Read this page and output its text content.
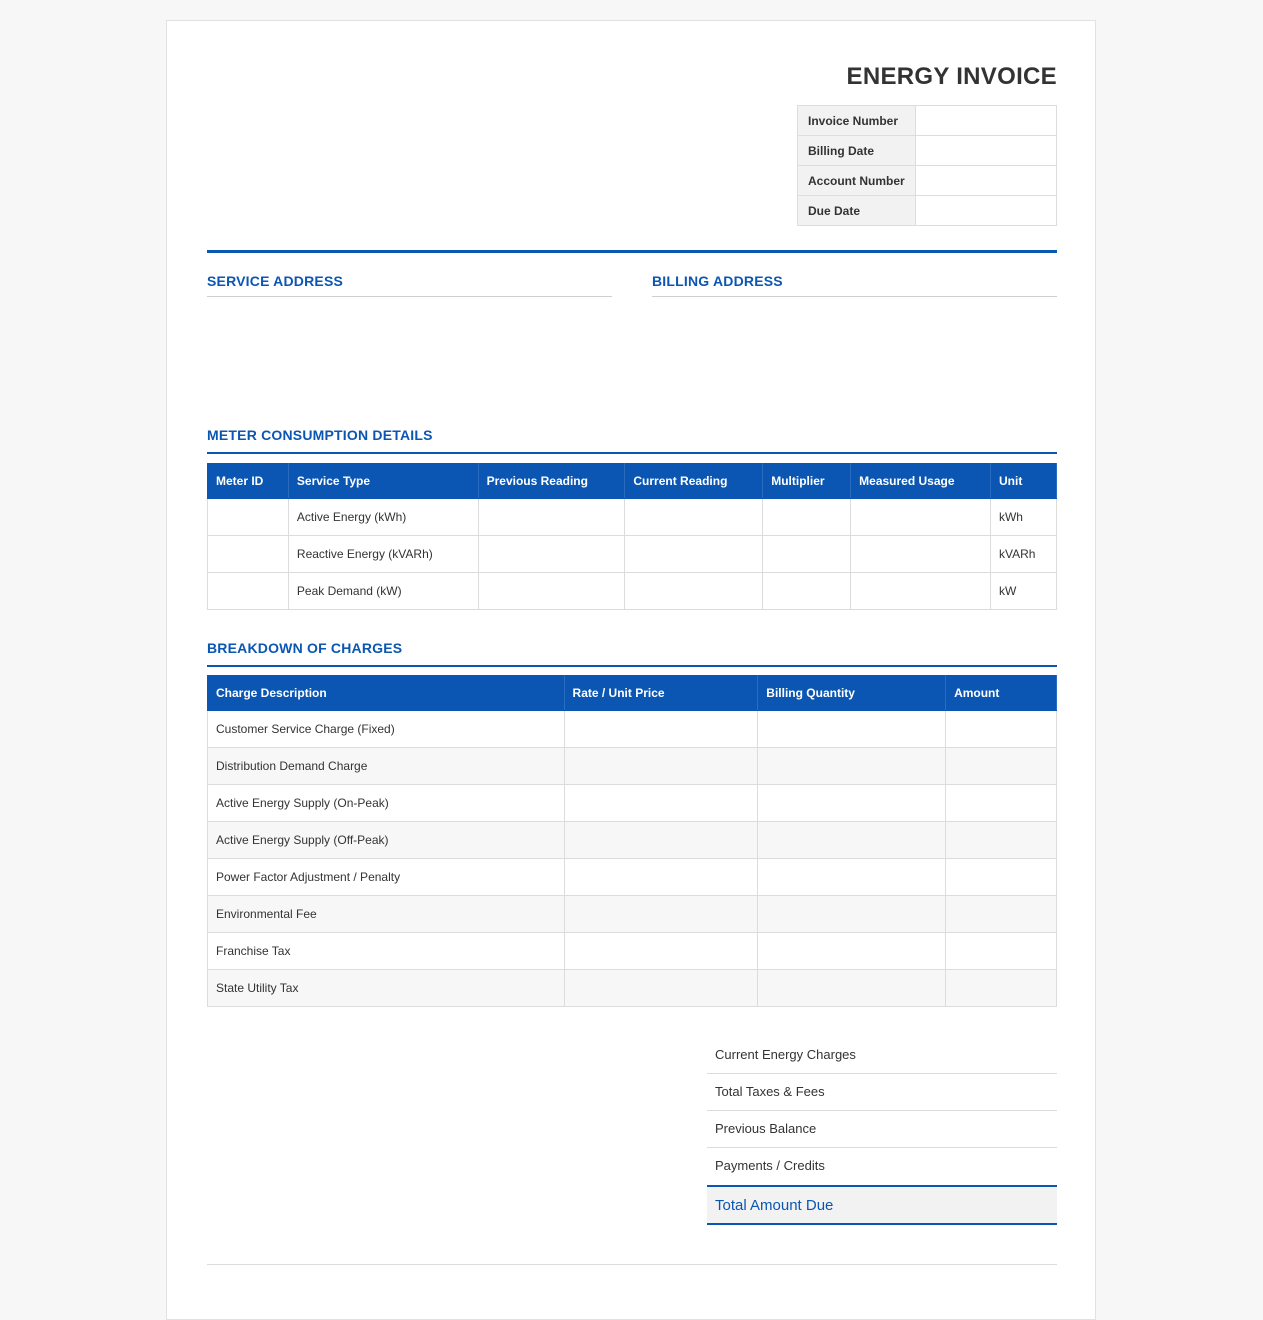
ENERGY INVOICE
Invoice Number	
Billing Date	
Account Number	
Due Date	
SERVICE ADDRESS	BILLING ADDRESS
METER CONSUMPTION DETAILS
Meter ID	Service Type	Previous Reading	Current Reading	Multiplier	Measured Usage	Unit
	Active Energy (kWh)					kWh
	Reactive Energy (kVARh)					kVARh
	Peak Demand (kW)					kW
BREAKDOWN OF CHARGES
Charge Description	Rate / Unit Price	Billing Quantity	Amount
Customer Service Charge (Fixed)			
Distribution Demand Charge			
Active Energy Supply (On-Peak)			
Active Energy Supply (Off-Peak)			
Power Factor Adjustment / Penalty			
Environmental Fee			
Franchise Tax			
State Utility Tax			
Current Energy Charges
Total Taxes & Fees
Previous Balance
Payments / Credits
Total Amount Due
